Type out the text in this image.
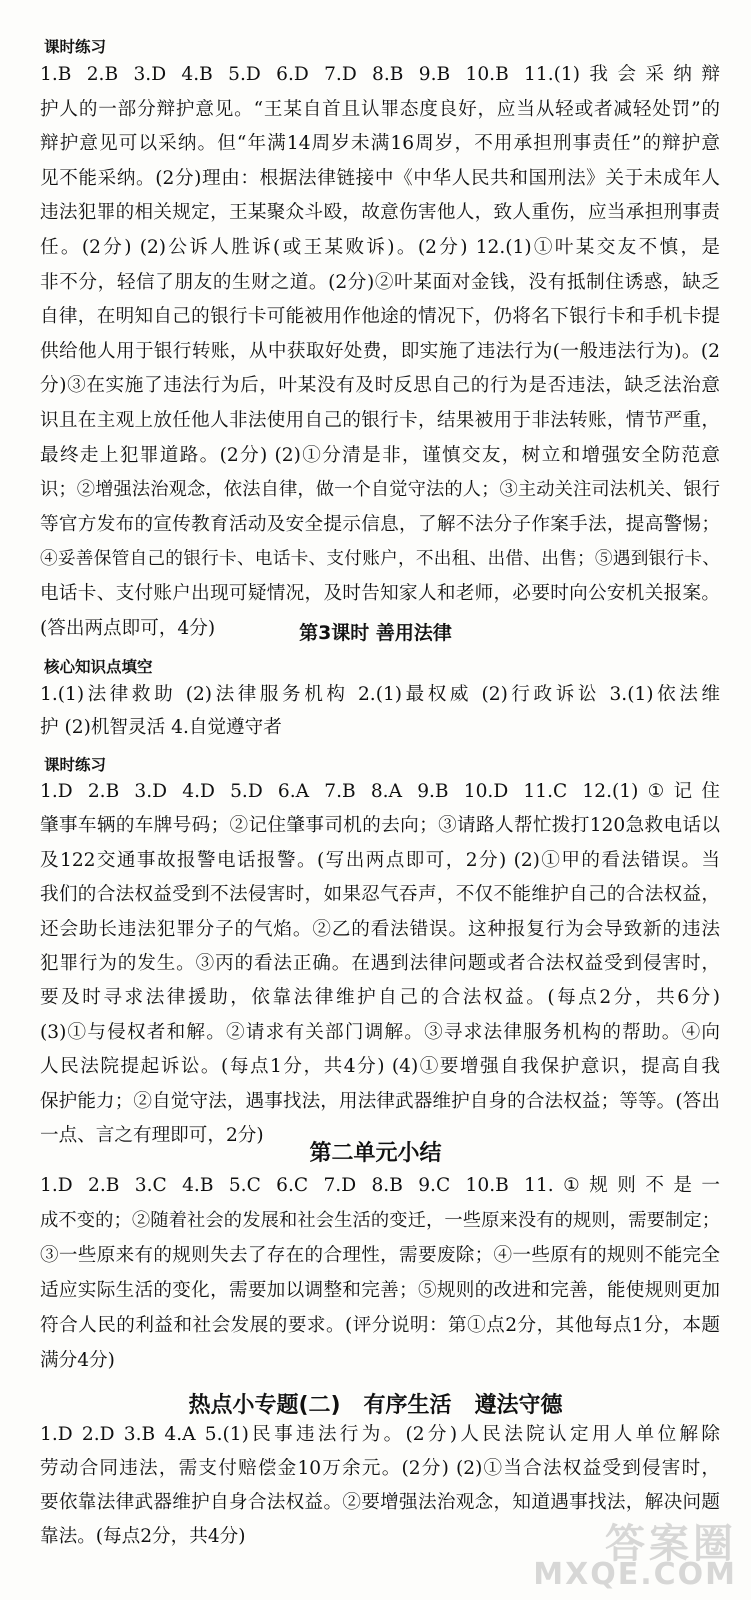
课时练习
1.B 2.B 3.D 4.B 5.D 6.D 7.D 8.B 9.B 10.B 11.(1)我会采纳辩
护人的一部分辩护意见。“王某自首且认罪态度良好，应当从轻或者减轻处罚”的
辩护意见可以采纳。但“年满14周岁未满16周岁，不用承担刑事责任”的辩护意
见不能采纳。(2分)理由：根据法律链接中《中华人民共和国刑法》关于未成年人
违法犯罪的相关规定，王某聚众斗殴，故意伤害他人，致人重伤，应当承担刑事责
任。(2分) (2)公诉人胜诉(或王某败诉)。(2分) 12.(1)①叶某交友不慎，是
非不分，轻信了朋友的生财之道。(2分)②叶某面对金钱，没有抵制住诱惑，缺乏
自律，在明知自己的银行卡可能被用作他途的情况下，仍将名下银行卡和手机卡提
供给他人用于银行转账，从中获取好处费，即实施了违法行为(一般违法行为)。(2
分)③在实施了违法行为后，叶某没有及时反思自己的行为是否违法，缺乏法治意
识且在主观上放任他人非法使用自己的银行卡，结果被用于非法转账，情节严重，
最终走上犯罪道路。(2分) (2)①分清是非，谨慎交友，树立和增强安全防范意
识；②增强法治观念，依法自律，做一个自觉守法的人；③主动关注司法机关、银行
等官方发布的宣传教育活动及安全提示信息，了解不法分子作案手法，提高警惕；
④妥善保管自己的银行卡、电话卡、支付账户，不出租、出借、出售；⑤遇到银行卡、
电话卡、支付账户出现可疑情况，及时告知家人和老师，必要时向公安机关报案。
(答出两点即可，4分)	第3课时 善用法律
核心知识点填空
1.(1)法律救助 (2)法律服务机构 2.(1)最权威 (2)行政诉讼 3.(1)依法维
护 (2)机智灵活 4.自觉遵守者
课时练习
1.D 2.B 3.D 4.D 5.D 6.A 7.B 8.A 9.B 10.D 11.C 12.(1)①记住
肇事车辆的车牌号码；②记住肇事司机的去向；③请路人帮忙拨打120急救电话以
及122交通事故报警电话报警。(写出两点即可，2分) (2)①甲的看法错误。当
我们的合法权益受到不法侵害时，如果忍气吞声，不仅不能维护自己的合法权益，
还会助长违法犯罪分子的气焰。②乙的看法错误。这种报复行为会导致新的违法
犯罪行为的发生。③丙的看法正确。在遇到法律问题或者合法权益受到侵害时，
要及时寻求法律援助，依靠法律维护自己的合法权益。(每点2分，共6分)
(3)①与侵权者和解。②请求有关部门调解。③寻求法律服务机构的帮助。④向
人民法院提起诉讼。(每点1分，共4分) (4)①要增强自我保护意识，提高自我
保护能力；②自觉守法，遇事找法，用法律武器维护自身的合法权益；等等。(答出
一点、言之有理即可，2分)
第二单元小结
1.D 2.B 3.C 4.B 5.C 6.C 7.D 8.B 9.C 10.B 11.①规则不是一
成不变的；②随着社会的发展和社会生活的变迁，一些原来没有的规则，需要制定；
③一些原来有的规则失去了存在的合理性，需要废除；④一些原有的规则不能完全
适应实际生活的变化，需要加以调整和完善；⑤规则的改进和完善，能使规则更加
符合人民的利益和社会发展的要求。(评分说明：第①点2分，其他每点1分，本题
满分4分)
热点小专题(二)   有序生活   遵法守德
1.D 2.D 3.B 4.A 5.(1)民事违法行为。(2分)人民法院认定用人单位解除
劳动合同违法，需支付赔偿金10万余元。(2分) (2)①当合法权益受到侵害时，
要依靠法律武器维护自身合法权益。②要增强法治观念，知道遇事找法，解决问题
靠法。(每点2分，共4分)	答案圈
MXQE.COM
